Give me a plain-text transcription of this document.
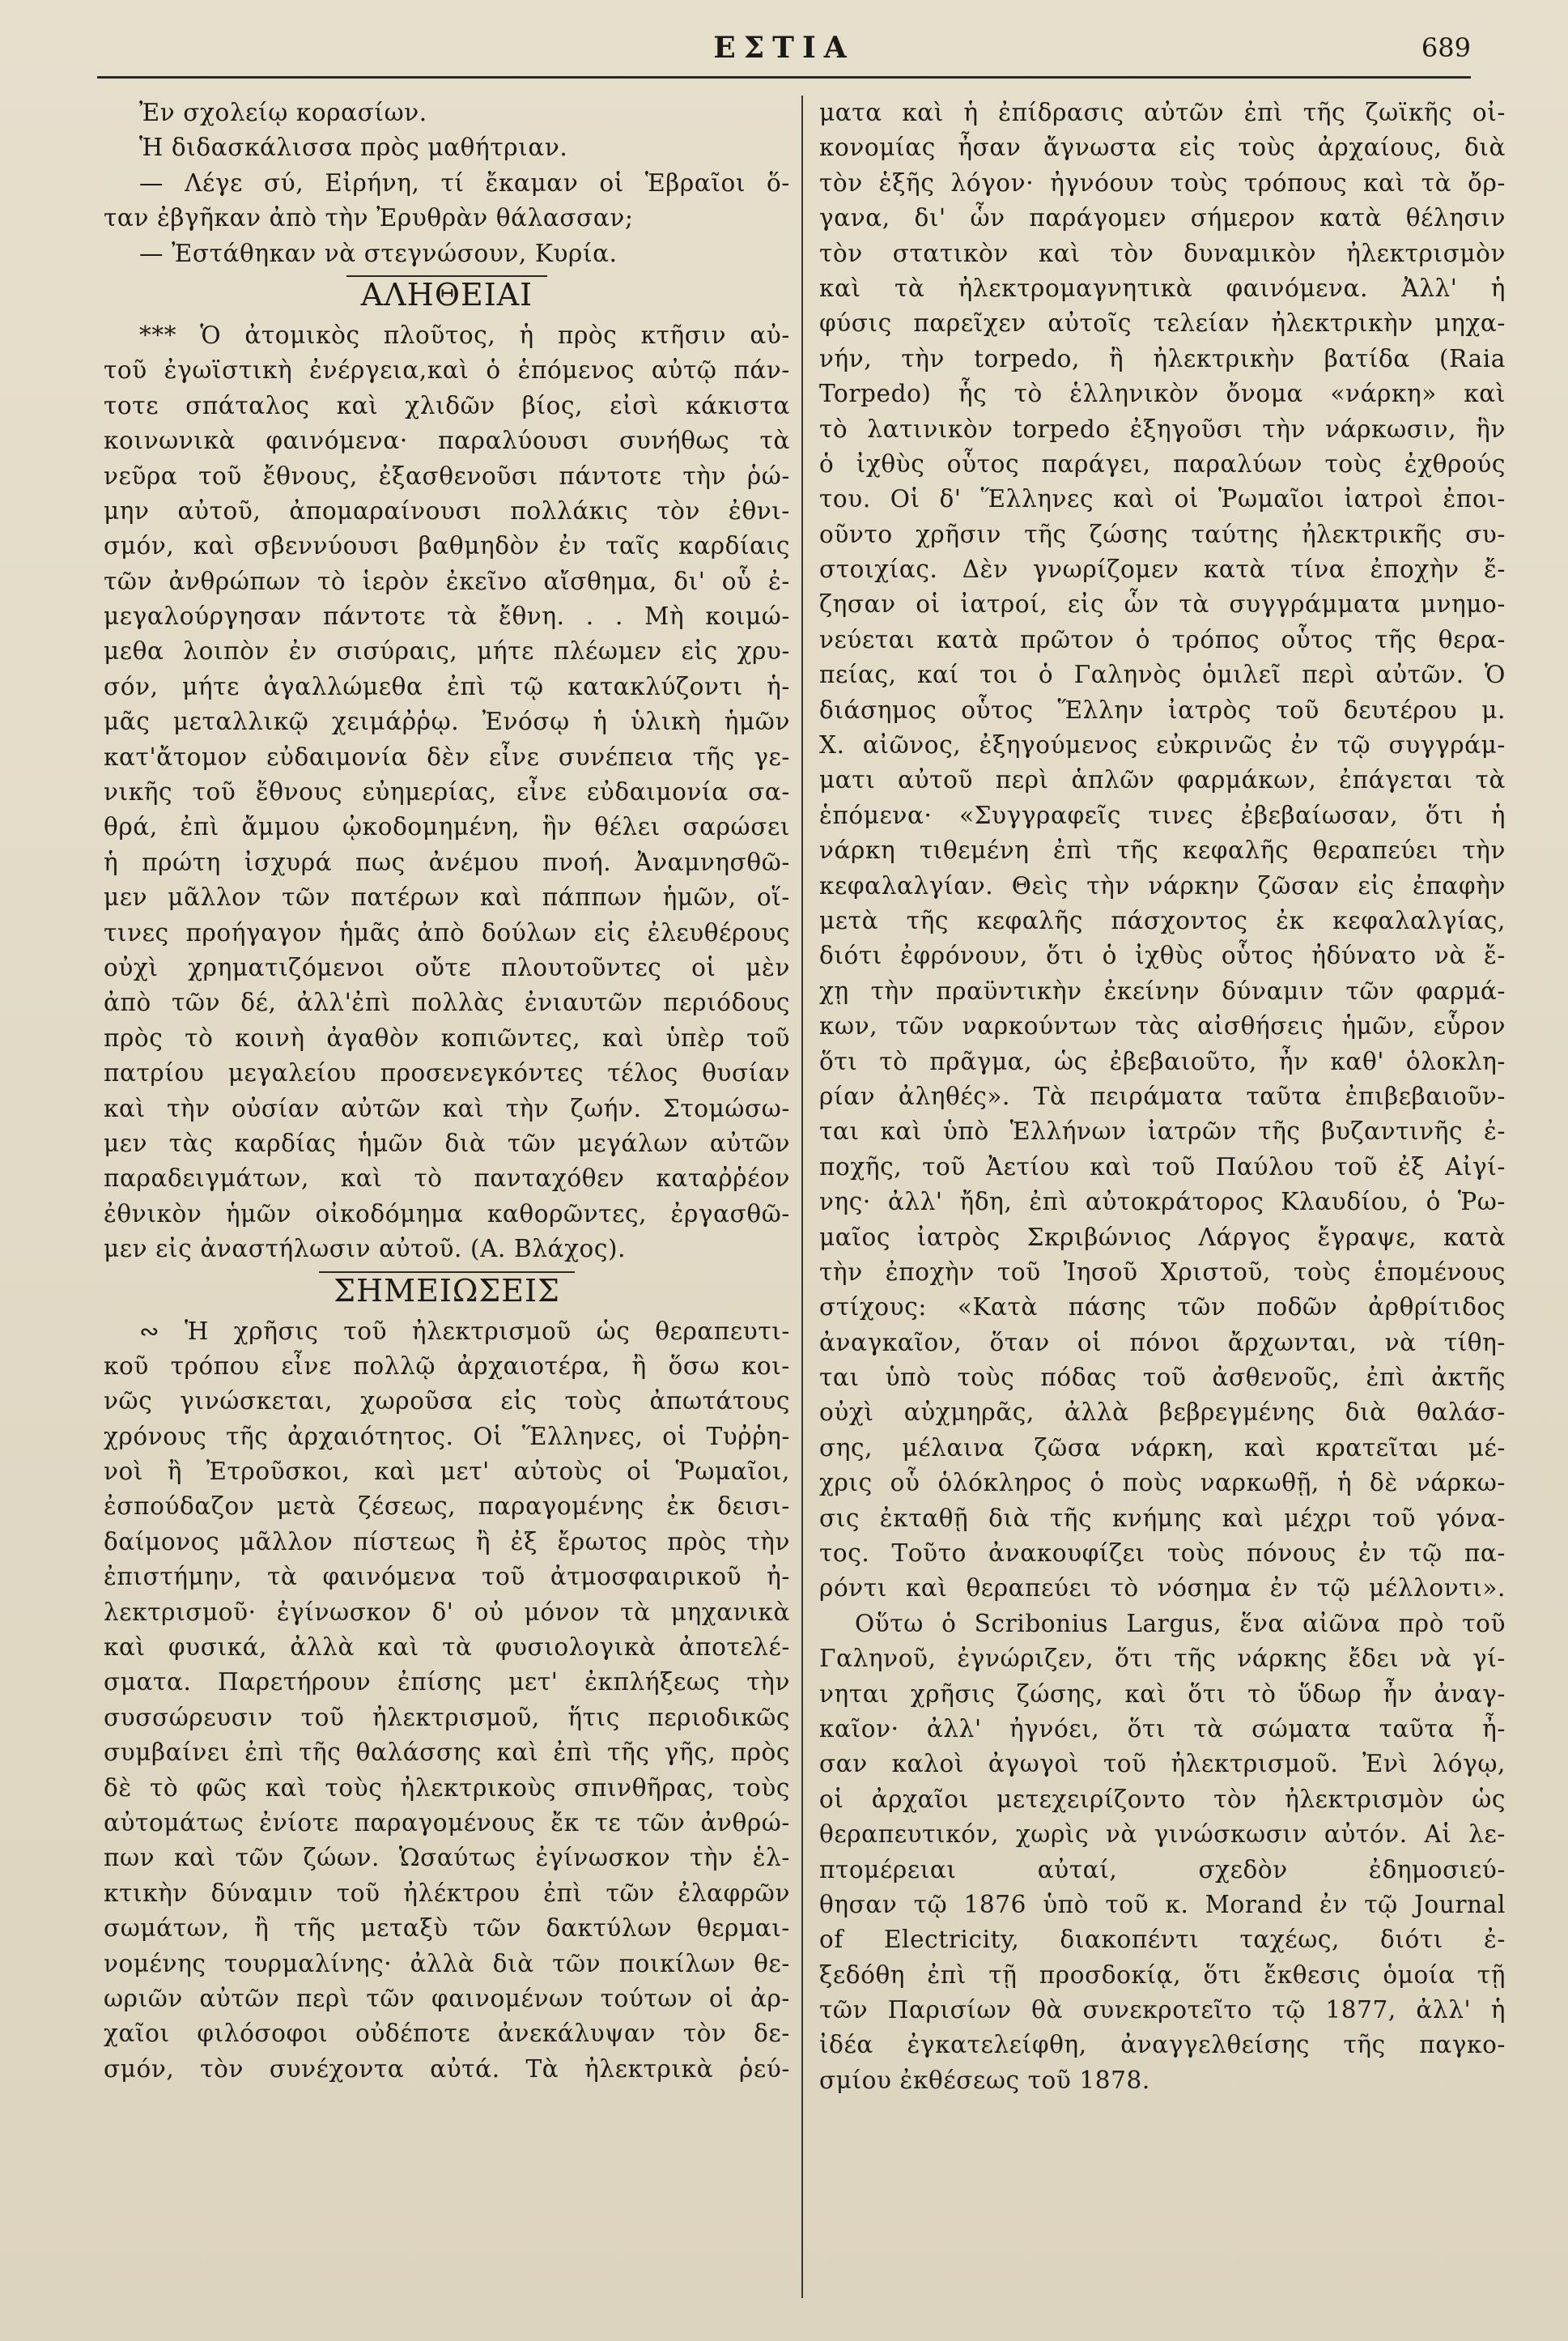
ΕΣΤΙΑ	689
Ἐν σχολείῳ κορασίων.
Ἡ διδασκάλισσα πρὸς μαθήτριαν.
— Λέγε σύ, Εἰρήνη, τί ἔκαμαν οἱ Ἑβραῖοι ὅ-
ταν ἐβγῆκαν ἀπὸ τὴν Ἐρυθρὰν θάλασσαν;
— Ἐστάθηκαν νὰ στεγνώσουν, Κυρία.
ΑΛΗΘΕΙΑΙ
*** Ὁ ἀτομικὸς πλοῦτος, ἡ πρὸς κτῆσιν αὐ-
τοῦ ἐγωϊστικὴ ἐνέργεια,καὶ ὁ ἑπόμενος αὐτῷ πάν-
τοτε σπάταλος καὶ χλιδῶν βίος, εἰσὶ κάκιστα
κοινωνικὰ φαινόμενα· παραλύουσι συνήθως τὰ
νεῦρα τοῦ ἔθνους, ἐξασθενοῦσι πάντοτε τὴν ῥώ-
μην αὐτοῦ, ἀπομαραίνουσι πολλάκις τὸν ἐθνι-
σμόν, καὶ σβεννύουσι βαθμηδὸν ἐν ταῖς καρδίαις
τῶν ἀνθρώπων τὸ ἱερὸν ἐκεῖνο αἴσθημα, δι' οὗ ἐ-
μεγαλούργησαν πάντοτε τὰ ἔθνη. . . Μὴ κοιμώ-
μεθα λοιπὸν ἐν σισύραις, μήτε πλέωμεν εἰς χρυ-
σόν, μήτε ἀγαλλώμεθα ἐπὶ τῷ κατακλύζοντι ἡ-
μᾶς μεταλλικῷ χειμάῤῥῳ. Ἐνόσῳ ἡ ὑλικὴ ἡμῶν
κατ'ἄτομον εὐδαιμονία δὲν εἶνε συνέπεια τῆς γε-
νικῆς τοῦ ἔθνους εὐημερίας, εἶνε εὐδαιμονία σα-
θρά, ἐπὶ ἄμμου ᾠκοδομημένη, ἣν θέλει σαρώσει
ἡ πρώτη ἰσχυρά πως ἀνέμου πνοή. Ἀναμνησθῶ-
μεν μᾶλλον τῶν πατέρων καὶ πάππων ἡμῶν, οἵ-
τινες προήγαγον ἡμᾶς ἀπὸ δούλων εἰς ἐλευθέρους
οὐχὶ χρηματιζόμενοι οὔτε πλουτοῦντες οἱ μὲν
ἀπὸ τῶν δέ, ἀλλ'ἐπὶ πολλὰς ἐνιαυτῶν περιόδους
πρὸς τὸ κοινὴ ἀγαθὸν κοπιῶντες, καὶ ὑπὲρ τοῦ
πατρίου μεγαλείου προσενεγκόντες τέλος θυσίαν
καὶ τὴν οὐσίαν αὐτῶν καὶ τὴν ζωήν. Στομώσω-
μεν τὰς καρδίας ἡμῶν διὰ τῶν μεγάλων αὐτῶν
παραδειγμάτων, καὶ τὸ πανταχόθεν καταῤῥέον
ἐθνικὸν ἡμῶν οἰκοδόμημα καθορῶντες, ἐργασθῶ-
μεν εἰς ἀναστήλωσιν αὐτοῦ. (Α. Βλάχος).
ΣΗΜΕΙΩΣΕΙΣ
∾ Ἡ χρῆσις τοῦ ἠλεκτρισμοῦ ὡς θεραπευτι-
κοῦ τρόπου εἶνε πολλῷ ἀρχαιοτέρα, ἢ ὅσω κοι-
νῶς γινώσκεται, χωροῦσα εἰς τοὺς ἀπωτάτους
χρόνους τῆς ἀρχαιότητος. Οἱ Ἕλληνες, οἱ Τυῤῥη-
νοὶ ἢ Ἐτροῦσκοι, καὶ μετ' αὐτοὺς οἱ Ῥωμαῖοι,
ἐσπούδαζον μετὰ ζέσεως, παραγομένης ἐκ δεισι-
δαίμονος μᾶλλον πίστεως ἢ ἐξ ἔρωτος πρὸς τὴν
ἐπιστήμην, τὰ φαινόμενα τοῦ ἀτμοσφαιρικοῦ ἠ-
λεκτρισμοῦ· ἐγίνωσκον δ' οὐ μόνον τὰ μηχανικὰ
καὶ φυσικά, ἀλλὰ καὶ τὰ φυσιολογικὰ ἀποτελέ-
σματα. Παρετήρουν ἐπίσης μετ' ἐκπλήξεως τὴν
συσσώρευσιν τοῦ ἠλεκτρισμοῦ, ἥτις περιοδικῶς
συμβαίνει ἐπὶ τῆς θαλάσσης καὶ ἐπὶ τῆς γῆς, πρὸς
δὲ τὸ φῶς καὶ τοὺς ἠλεκτρικοὺς σπινθῆρας, τοὺς
αὐτομάτως ἐνίοτε παραγομένους ἔκ τε τῶν ἀνθρώ-
πων καὶ τῶν ζώων. Ὡσαύτως ἐγίνωσκον τὴν ἑλ-
κτικὴν δύναμιν τοῦ ἠλέκτρου ἐπὶ τῶν ἐλαφρῶν
σωμάτων, ἢ τῆς μεταξὺ τῶν δακτύλων θερμαι-
νομένης τουρμαλίνης· ἀλλὰ διὰ τῶν ποικίλων θε-
ωριῶν αὐτῶν περὶ τῶν φαινομένων τούτων οἱ ἀρ-
χαῖοι φιλόσοφοι οὐδέποτε ἀνεκάλυψαν τὸν δε-
σμόν, τὸν συνέχοντα αὐτά. Τὰ ἠλεκτρικὰ ῥεύ-
ματα καὶ ἡ ἐπίδρασις αὐτῶν ἐπὶ τῆς ζωϊκῆς οἰ-
κονομίας ἦσαν ἄγνωστα εἰς τοὺς ἀρχαίους, διὰ
τὸν ἑξῆς λόγον· ἠγνόουν τοὺς τρόπους καὶ τὰ ὄρ-
γανα, δι' ὧν παράγομεν σήμερον κατὰ θέλησιν
τὸν στατικὸν καὶ τὸν δυναμικὸν ἠλεκτρισμὸν
καὶ τὰ ἠλεκτρομαγνητικὰ φαινόμενα. Ἀλλ' ἡ
φύσις παρεῖχεν αὐτοῖς τελείαν ἠλεκτρικὴν μηχα-
νήν, τὴν torpedo, ἢ ἠλεκτρικὴν βατίδα (Raia
Torpedo) ἧς τὸ ἑλληνικὸν ὄνομα «νάρκη» καὶ
τὸ λατινικὸν torpedo ἐξηγοῦσι τὴν νάρκωσιν, ἣν
ὁ ἰχθὺς οὗτος παράγει, παραλύων τοὺς ἐχθρούς
του. Οἱ δ' Ἕλληνες καὶ οἱ Ῥωμαῖοι ἰατροὶ ἐποι-
οῦντο χρῆσιν τῆς ζώσης ταύτης ἠλεκτρικῆς συ-
στοιχίας. Δὲν γνωρίζομεν κατὰ τίνα ἐποχὴν ἔ-
ζησαν οἱ ἰατροί, εἰς ὧν τὰ συγγράμματα μνημο-
νεύεται κατὰ πρῶτον ὁ τρόπος οὗτος τῆς θερα-
πείας, καί τοι ὁ Γαληνὸς ὁμιλεῖ περὶ αὐτῶν. Ὁ
διάσημος οὗτος Ἕλλην ἰατρὸς τοῦ δευτέρου μ.
Χ. αἰῶνος, ἐξηγούμενος εὐκρινῶς ἐν τῷ συγγράμ-
ματι αὐτοῦ περὶ ἁπλῶν φαρμάκων, ἐπάγεται τὰ
ἑπόμενα· «Συγγραφεῖς τινες ἐβεβαίωσαν, ὅτι ἡ
νάρκη τιθεμένη ἐπὶ τῆς κεφαλῆς θεραπεύει τὴν
κεφαλαλγίαν. Θεὶς τὴν νάρκην ζῶσαν εἰς ἐπαφὴν
μετὰ τῆς κεφαλῆς πάσχοντος ἐκ κεφαλαλγίας,
διότι ἐφρόνουν, ὅτι ὁ ἰχθὺς οὗτος ἠδύνατο νὰ ἔ-
χῃ τὴν πραϋντικὴν ἐκείνην δύναμιν τῶν φαρμά-
κων, τῶν ναρκούντων τὰς αἰσθήσεις ἡμῶν, εὗρον
ὅτι τὸ πρᾶγμα, ὡς ἐβεβαιοῦτο, ἦν καθ' ὁλοκλη-
ρίαν ἀληθές». Τὰ πειράματα ταῦτα ἐπιβεβαιοῦν-
ται καὶ ὑπὸ Ἑλλήνων ἰατρῶν τῆς βυζαντινῆς ἐ-
ποχῆς, τοῦ Ἀετίου καὶ τοῦ Παύλου τοῦ ἐξ Αἰγί-
νης· ἀλλ' ἤδη, ἐπὶ αὐτοκράτορος Κλαυδίου, ὁ Ῥω-
μαῖος ἰατρὸς Σκριβώνιος Λάργος ἔγραψε, κατὰ
τὴν ἐποχὴν τοῦ Ἰησοῦ Χριστοῦ, τοὺς ἑπομένους
στίχους: «Κατὰ πάσης τῶν ποδῶν ἀρθρίτιδος
ἀναγκαῖον, ὅταν οἱ πόνοι ἄρχωνται, νὰ τίθη-
ται ὑπὸ τοὺς πόδας τοῦ ἀσθενοῦς, ἐπὶ ἀκτῆς
οὐχὶ αὐχμηρᾶς, ἀλλὰ βεβρεγμένης διὰ θαλάσ-
σης, μέλαινα ζῶσα νάρκη, καὶ κρατεῖται μέ-
χρις οὗ ὁλόκληρος ὁ ποὺς ναρκωθῇ, ἡ δὲ νάρκω-
σις ἐκταθῇ διὰ τῆς κνήμης καὶ μέχρι τοῦ γόνα-
τος. Τοῦτο ἀνακουφίζει τοὺς πόνους ἐν τῷ πα-
ρόντι καὶ θεραπεύει τὸ νόσημα ἐν τῷ μέλλοντι».
Οὕτω ὁ Scribonius Largus, ἕνα αἰῶνα πρὸ τοῦ
Γαληνοῦ, ἐγνώριζεν, ὅτι τῆς νάρκης ἔδει νὰ γί-
νηται χρῆσις ζώσης, καὶ ὅτι τὸ ὕδωρ ἦν ἀναγ-
καῖον· ἀλλ' ἠγνόει, ὅτι τὰ σώματα ταῦτα ἦ-
σαν καλοὶ ἀγωγοὶ τοῦ ἠλεκτρισμοῦ. Ἐνὶ λόγῳ,
οἱ ἀρχαῖοι μετεχειρίζοντο τὸν ἠλεκτρισμὸν ὡς
θεραπευτικόν, χωρὶς νὰ γινώσκωσιν αὐτόν. Αἱ λε-
πτομέρειαι αὐταί, σχεδὸν ἐδημοσιεύ-
θησαν τῷ 1876 ὑπὸ τοῦ κ. Morand ἐν τῷ Journal
of Electricity, διακοπέντι ταχέως, διότι ἐ-
ξεδόθη ἐπὶ τῇ προσδοκίᾳ, ὅτι ἔκθεσις ὁμοία τῇ
τῶν Παρισίων θὰ συνεκροτεῖτο τῷ 1877, ἀλλ' ἡ
ἰδέα ἐγκατελείφθη, ἀναγγελθείσης τῆς παγκο-
σμίου ἐκθέσεως τοῦ 1878.
